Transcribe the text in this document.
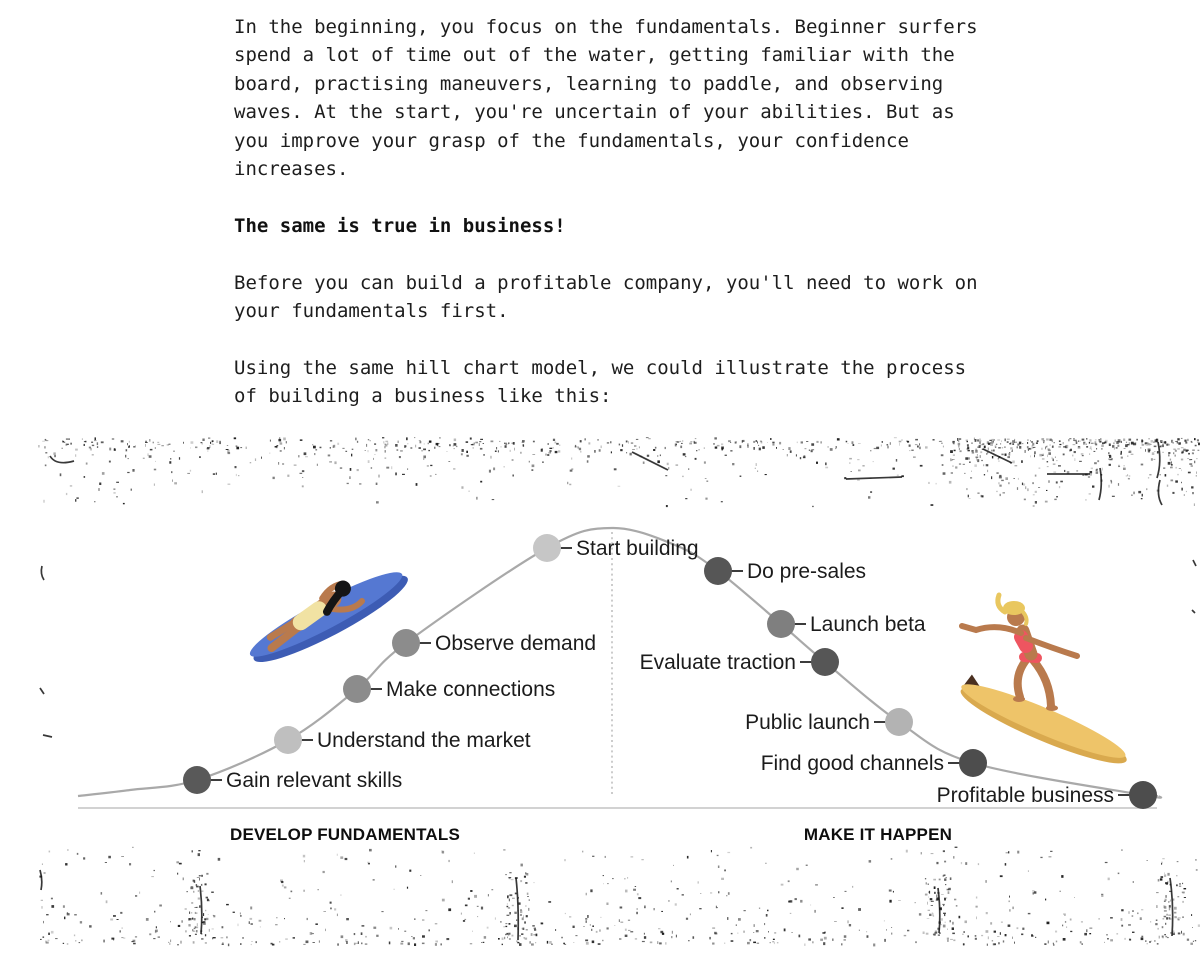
In the beginning, you focus on the fundamentals. Beginner surfers
spend a lot of time out of the water, getting familiar with the
board, practising maneuvers, learning to paddle, and observing
waves. At the start, you're uncertain of your abilities. But as
you improve your grasp of the fundamentals, your confidence
increases.

The same is true in business!

Before you can build a profitable company, you'll need to work on
your fundamentals first.

Using the same hill chart model, we could illustrate the process
of building a business like this:

Gain relevant skills
Understand the market
Make connections
Observe demand
Start building
Do pre-sales
Launch beta
Evaluate traction
Public launch
Find good channels
Profitable business
DEVELOP FUNDAMENTALS	MAKE IT HAPPEN
